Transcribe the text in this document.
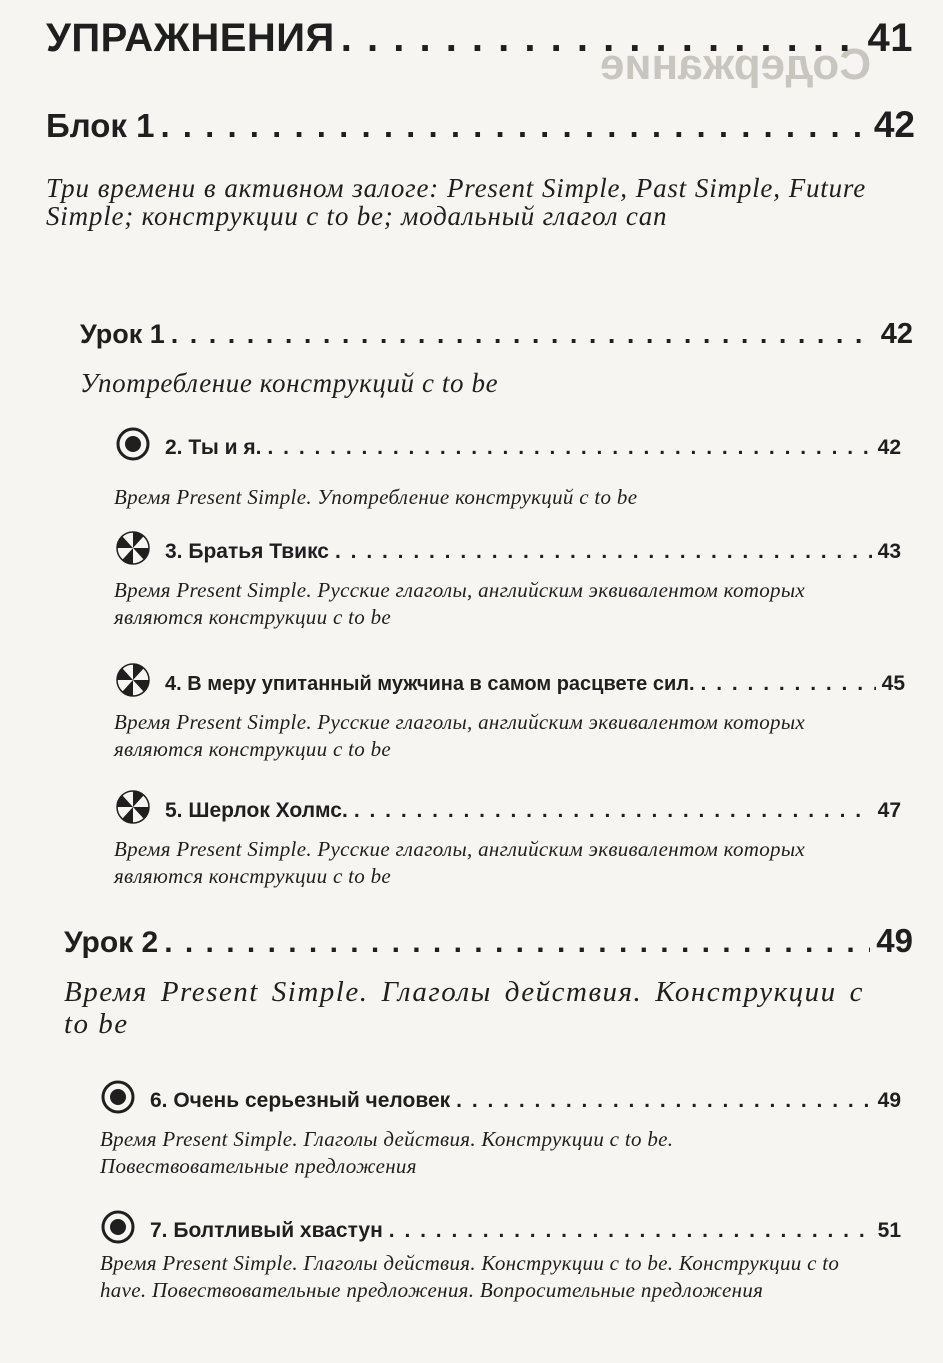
Содержание
УПРАЖНЕНИЯ . . .	41
Блок 1 . . .	42
Три времени в активном залоге: Present Simple, Past Simple, Future Simple; конструкции с to be; модальный глагол can
Урок 1 . . .	42
Употребление конструкций с to be
2. Ты и я. . . .	42
Время Present Simple. Употребление конструкций с to be
3. Братья Твикс . . .	43
Время Present Simple. Русские глаголы, английским эквивалентом которых являются конструкции с to be
4. В меру упитанный мужчина в самом расцвете сил. . . .	45
Время Present Simple. Русские глаголы, английским эквивалентом которых являются конструкции с to be
5. Шерлок Холмс. . . .	47
Время Present Simple. Русские глаголы, английским эквивалентом которых являются конструкции с to be
Урок 2 . . .	49
Время Present Simple. Глаголы действия. Конструкции с to be
6. Очень серьезный человек . . .	49
Время Present Simple. Глаголы действия. Конструкции с to be. Повествовательные предложения
7. Болтливый хвастун . . .	51
Время Present Simple. Глаголы действия. Конструкции с to be. Конструкции с to have. Повествовательные предложения. Вопросительные предложения
